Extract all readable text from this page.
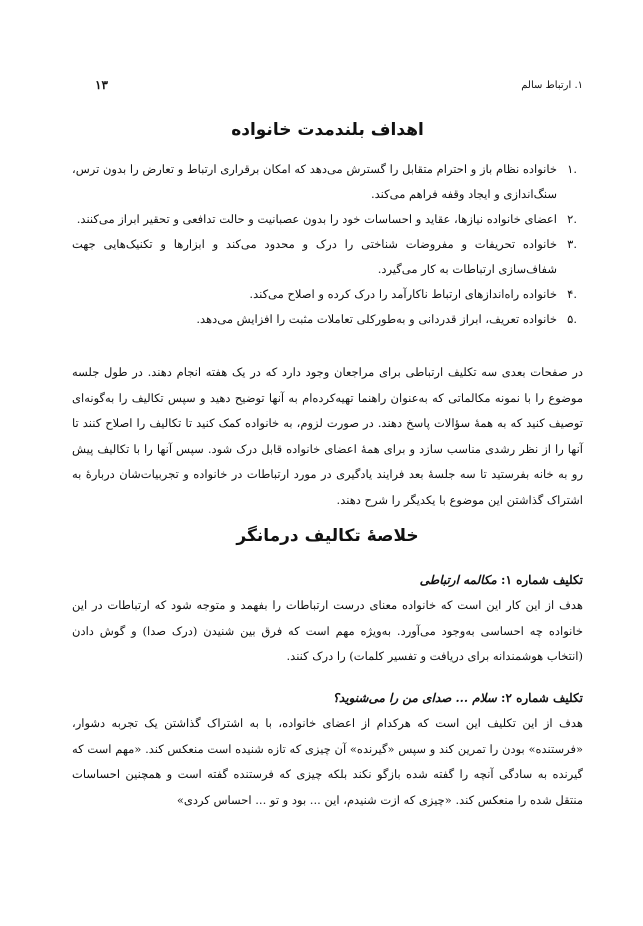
۱۳	۱. ارتباط سالم
اهداف بلندمدت خانواده
.۱
خانواده نظام باز و احترام متقابل را گسترش می‌دهد که امکان برقراری ارتباط و تعارض را بدون ترس، سنگ‌اندازی و ایجاد وقفه فراهم می‌کند.
.۲
اعضای خانواده نیازها، عقاید و احساسات خود را بدون عصبانیت و حالت تدافعی و تحقیر ابراز می‌کنند.
.۳
خانواده تحریفات و مفروضات شناختی را درک و محدود می‌کند و ابزارها و تکنیک‌هایی جهت شفاف‌سازی ارتباطات به کار می‌گیرد.
.۴
خانواده راه‌اندازهای ارتباط ناکارآمد را درک کرده و اصلاح می‌کند.
.۵
خانواده تعریف، ابراز قدردانی و به‌طورکلی تعاملات مثبت را افزایش می‌دهد.

در صفحات بعدی سه تکلیف ارتباطی برای مراجعان وجود دارد که در یک هفته انجام دهند. در طول جلسه موضوع را با نمونه مکالماتی که به‌عنوان راهنما تهیه‌کرده‌ام به آنها توضیح دهید و سپس تکالیف را به‌گونه‌ای توصیف کنید که به همهٔ سؤالات پاسخ دهند. در صورت لزوم، به خانواده کمک کنید تا تکالیف را اصلاح کنند تا آنها را از نظر رشدی مناسب سازد و برای همهٔ اعضای خانواده قابل درک شود. سپس آنها را با تکالیف پیش رو به خانه بفرستید تا سه جلسهٔ بعد فرایند یادگیری در مورد ارتباطات در خانواده و تجربیات‌شان دربارهٔ به اشتراک گذاشتن این موضوع با یکدیگر را شرح دهند.

خلاصهٔ تکالیف درمانگر

تکلیف شماره ۱: مکالمه ارتباطی

هدف از این کار این است که خانواده معنای درست ارتباطات را بفهمد و متوجه شود که ارتباطات در این خانواده چه احساسی به‌وجود می‌آورد. به‌ویژه مهم است که فرق بین شنیدن (درک صدا) و گوش دادن (انتخاب هوشمندانه برای دریافت و تفسیر کلمات) را درک کنند.

تکلیف شماره ۲: سلام ... صدای من را می‌شنوید؟

هدف از این تکلیف این است که هرکدام از اعضای خانواده، با به اشتراک گذاشتن یک تجربه دشوار، «فرستنده» بودن را تمرین کند و سپس «گیرنده» آن چیزی که تازه شنیده است منعکس کند. «مهم است که گیرنده به سادگی آنچه را گفته شده بازگو نکند بلکه چیزی که فرستنده گفته است و همچنین احساسات منتقل شده را منعکس کند. «چیزی که ازت شنیدم، این ... بود و تو ... احساس کردی»
